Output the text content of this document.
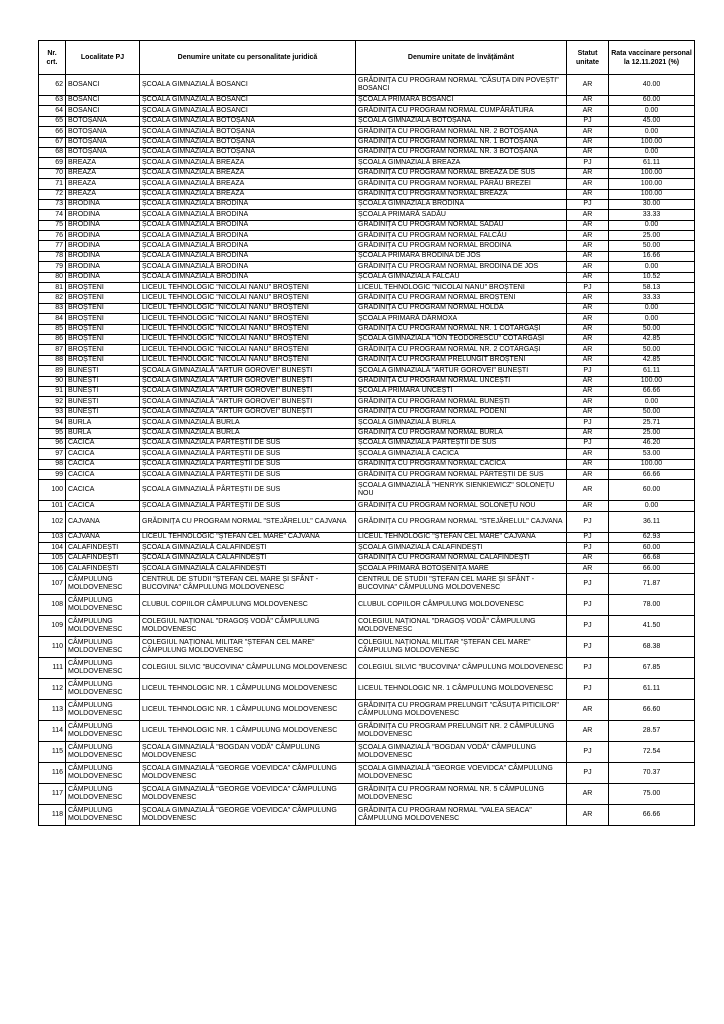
Nr. crt.	Localitate PJ	Denumire unitate cu personalitate juridică	Denumire unitate de învățământ	Statut unitate	Rata vaccinare personal la 12.11.2021 (%)
62	BOSANCI	ȘCOALA GIMNAZIALĂ BOSANCI	GRĂDINIȚA CU PROGRAM NORMAL "CĂSUȚA DIN POVEȘTI" BOSANCI	AR	40.00
63	BOSANCI	ȘCOALA GIMNAZIALĂ BOSANCI	ȘCOALA PRIMARĂ BOSANCI	AR	60.00
64	BOSANCI	ȘCOALA GIMNAZIALĂ BOSANCI	GRĂDINIȚA CU PROGRAM NORMAL CUMPĂRĂTURA	AR	0.00
65	BOTOȘANA	ȘCOALA GIMNAZIALĂ BOTOȘANA	ȘCOALA GIMNAZIALĂ BOTOȘANA	PJ	45.00
66	BOTOȘANA	ȘCOALA GIMNAZIALĂ BOTOȘANA	GRĂDINIȚA CU PROGRAM NORMAL NR. 2 BOTOȘANA	AR	0.00
67	BOTOȘANA	ȘCOALA GIMNAZIALĂ BOTOȘANA	GRĂDINIȚA CU PROGRAM NORMAL NR. 1 BOTOȘANA	AR	100.00
68	BOTOȘANA	ȘCOALA GIMNAZIALĂ BOTOȘANA	GRĂDINIȚA CU PROGRAM NORMAL NR. 3 BOTOȘANA	AR	0.00
69	BREAZA	ȘCOALA GIMNAZIALĂ BREAZA	ȘCOALA GIMNAZIALĂ BREAZA	PJ	61.11
70	BREAZA	ȘCOALA GIMNAZIALĂ BREAZA	GRĂDINIȚA CU PROGRAM NORMAL BREAZA DE SUS	AR	100.00
71	BREAZA	ȘCOALA GIMNAZIALĂ BREAZA	GRĂDINIȚA CU PROGRAM NORMAL PÂRÂU BREZEI	AR	100.00
72	BREAZA	ȘCOALA GIMNAZIALĂ BREAZA	GRĂDINIȚA CU PROGRAM NORMAL BREAZA	AR	100.00
73	BRODINA	ȘCOALA GIMNAZIALĂ BRODINA	ȘCOALA GIMNAZIALĂ BRODINA	PJ	30.00
74	BRODINA	ȘCOALA GIMNAZIALĂ BRODINA	ȘCOALA PRIMARĂ SADĂU	AR	33.33
75	BRODINA	ȘCOALA GIMNAZIALĂ BRODINA	GRĂDINIȚA CU PROGRAM NORMAL SADĂU	AR	0.00
76	BRODINA	ȘCOALA GIMNAZIALĂ BRODINA	GRĂDINIȚA CU PROGRAM NORMAL FALCĂU	AR	25.00
77	BRODINA	ȘCOALA GIMNAZIALĂ BRODINA	GRĂDINIȚA CU PROGRAM NORMAL BRODINA	AR	50.00
78	BRODINA	ȘCOALA GIMNAZIALĂ BRODINA	ȘCOALA PRIMARĂ BRODINA DE JOS	AR	16.66
79	BRODINA	ȘCOALA GIMNAZIALĂ BRODINA	GRĂDINIȚA CU PROGRAM NORMAL BRODINA DE JOS	AR	0.00
80	BRODINA	ȘCOALA GIMNAZIALĂ BRODINA	ȘCOALA GIMNAZIALĂ FALCĂU	AR	10.52
81	BROȘTENI	LICEUL TEHNOLOGIC "NICOLAI NANU" BROȘTENI	LICEUL TEHNOLOGIC "NICOLAI NANU" BROȘTENI	PJ	58.13
82	BROȘTENI	LICEUL TEHNOLOGIC "NICOLAI NANU" BROȘTENI	GRĂDINIȚA CU PROGRAM NORMAL BROȘTENI	AR	33.33
83	BROȘTENI	LICEUL TEHNOLOGIC "NICOLAI NANU" BROȘTENI	GRĂDINIȚA CU PROGRAM NORMAL HOLDA	AR	0.00
84	BROȘTENI	LICEUL TEHNOLOGIC "NICOLAI NANU" BROȘTENI	ȘCOALA PRIMARĂ DÂRMOXA	AR	0.00
85	BROȘTENI	LICEUL TEHNOLOGIC "NICOLAI NANU" BROȘTENI	GRĂDINIȚA CU PROGRAM NORMAL NR. 1 COTÂRGAȘI	AR	50.00
86	BROȘTENI	LICEUL TEHNOLOGIC "NICOLAI NANU" BROȘTENI	ȘCOALA GIMNAZIALĂ "ION TEODORESCU" COTÂRGAȘI	AR	42.85
87	BROȘTENI	LICEUL TEHNOLOGIC "NICOLAI NANU" BROȘTENI	GRĂDINIȚA CU PROGRAM NORMAL NR. 2 COTÂRGAȘI	AR	50.00
88	BROȘTENI	LICEUL TEHNOLOGIC "NICOLAI NANU" BROȘTENI	GRĂDINIȚA CU PROGRAM PRELUNGIT BROȘTENI	AR	42.85
89	BUNEȘTI	ȘCOALA GIMNAZIALĂ "ARTUR GOROVEI" BUNEȘTI	ȘCOALA GIMNAZIALĂ "ARTUR GOROVEI" BUNEȘTI	PJ	61.11
90	BUNEȘTI	ȘCOALA GIMNAZIALĂ "ARTUR GOROVEI" BUNEȘTI	GRĂDINIȚA CU PROGRAM NORMAL UNCEȘTI	AR	100.00
91	BUNEȘTI	ȘCOALA GIMNAZIALĂ "ARTUR GOROVEI" BUNEȘTI	ȘCOALA PRIMARĂ UNCEȘTI	AR	66.66
92	BUNEȘTI	ȘCOALA GIMNAZIALĂ "ARTUR GOROVEI" BUNEȘTI	GRĂDINIȚA CU PROGRAM NORMAL BUNEȘTI	AR	0.00
93	BUNEȘTI	ȘCOALA GIMNAZIALĂ "ARTUR GOROVEI" BUNEȘTI	GRĂDINIȚA CU PROGRAM NORMAL PODENI	AR	50.00
94	BURLA	ȘCOALA GIMNAZIALĂ BURLA	ȘCOALA GIMNAZIALĂ BURLA	PJ	25.71
95	BURLA	ȘCOALA GIMNAZIALĂ BURLA	GRĂDINIȚA CU PROGRAM NORMAL BURLA	AR	25.00
96	CACICA	ȘCOALA GIMNAZIALĂ PÂRTEȘTII DE SUS	ȘCOALA GIMNAZIALĂ PÂRTEȘTII DE SUS	PJ	46.20
97	CACICA	ȘCOALA GIMNAZIALĂ PÂRTEȘTII DE SUS	ȘCOALA GIMNAZIALĂ CACICA	AR	53.00
98	CACICA	ȘCOALA GIMNAZIALĂ PÂRTEȘTII DE SUS	GRĂDINIȚA CU PROGRAM NORMAL CACICA	AR	100.00
99	CACICA	ȘCOALA GIMNAZIALĂ PÂRTEȘTII DE SUS	GRĂDINIȚA CU PROGRAM NORMAL PÂRTEȘTII DE SUS	AR	66.66
100	CACICA	ȘCOALA GIMNAZIALĂ PÂRTEȘTII DE SUS	ȘCOALA GIMNAZIALĂ "HENRYK SIENKIEWICZ" SOLONEȚU NOU	AR	60.00
101	CACICA	ȘCOALA GIMNAZIALĂ PÂRTEȘTII DE SUS	GRĂDINIȚA CU PROGRAM NORMAL SOLONEȚU NOU	AR	0.00
102	CAJVANA	GRĂDINIȚA CU PROGRAM NORMAL "STEJĂRELUL" CAJVANA	GRĂDINIȚA CU PROGRAM NORMAL "STEJĂRELUL" CAJVANA	PJ	36.11
103	CAJVANA	LICEUL TEHNOLOGIC "ȘTEFAN CEL MARE" CAJVANA	LICEUL TEHNOLOGIC "ȘTEFAN CEL MARE" CAJVANA	PJ	62.93
104	CALAFINDEȘTI	ȘCOALA GIMNAZIALĂ CALAFINDEȘTI	ȘCOALA GIMNAZIALĂ CALAFINDEȘTI	PJ	60.00
105	CALAFINDEȘTI	ȘCOALA GIMNAZIALĂ CALAFINDEȘTI	GRĂDINIȚA CU PROGRAM NORMAL CALAFINDEȘTI	AR	66.68
106	CALAFINDEȘTI	ȘCOALA GIMNAZIALĂ CALAFINDEȘTI	ȘCOALA PRIMARĂ BOTOȘENIȚA MARE	AR	66.00
107	CÂMPULUNG MOLDOVENESC	CENTRUL DE STUDII "ȘTEFAN CEL MARE ȘI SFÂNT - BUCOVINA" CÂMPULUNG MOLDOVENESC	CENTRUL DE STUDII "ȘTEFAN CEL MARE ȘI SFÂNT - BUCOVINA" CÂMPULUNG MOLDOVENESC	PJ	71.87
108	CÂMPULUNG MOLDOVENESC	CLUBUL COPIILOR CÂMPULUNG MOLDOVENESC	CLUBUL COPIILOR CÂMPULUNG MOLDOVENESC	PJ	78.00
109	CÂMPULUNG MOLDOVENESC	COLEGIUL NAȚIONAL "DRAGOȘ VODĂ" CÂMPULUNG MOLDOVENESC	COLEGIUL NAȚIONAL "DRAGOȘ VODĂ" CÂMPULUNG MOLDOVENESC	PJ	41.50
110	CÂMPULUNG MOLDOVENESC	COLEGIUL NAȚIONAL MILITAR "ȘTEFAN CEL MARE" CÂMPULUNG MOLDOVENESC	COLEGIUL NAȚIONAL MILITAR "ȘTEFAN CEL MARE" CÂMPULUNG MOLDOVENESC	PJ	68.38
111	CÂMPULUNG MOLDOVENESC	COLEGIUL SILVIC "BUCOVINA" CÂMPULUNG MOLDOVENESC	COLEGIUL SILVIC "BUCOVINA" CÂMPULUNG MOLDOVENESC	PJ	67.85
112	CÂMPULUNG MOLDOVENESC	LICEUL TEHNOLOGIC NR. 1 CÂMPULUNG MOLDOVENESC	LICEUL TEHNOLOGIC NR. 1 CÂMPULUNG MOLDOVENESC	PJ	61.11
113	CÂMPULUNG MOLDOVENESC	LICEUL TEHNOLOGIC NR. 1 CÂMPULUNG MOLDOVENESC	GRĂDINIȚA CU PROGRAM PRELUNGIT "CĂSUȚA PITICILOR" CÂMPULUNG MOLDOVENESC	AR	66.60
114	CÂMPULUNG MOLDOVENESC	LICEUL TEHNOLOGIC NR. 1 CÂMPULUNG MOLDOVENESC	GRĂDINIȚA CU PROGRAM PRELUNGIT NR. 2 CÂMPULUNG MOLDOVENESC	AR	28.57
115	CÂMPULUNG MOLDOVENESC	ȘCOALA GIMNAZIALĂ "BOGDAN VODĂ" CÂMPULUNG MOLDOVENESC	ȘCOALA GIMNAZIALĂ "BOGDAN VODĂ" CÂMPULUNG MOLDOVENESC	PJ	72.54
116	CÂMPULUNG MOLDOVENESC	ȘCOALA GIMNAZIALĂ "GEORGE VOEVIDCA" CÂMPULUNG MOLDOVENESC	ȘCOALA GIMNAZIALĂ "GEORGE VOEVIDCA" CÂMPULUNG MOLDOVENESC	PJ	70.37
117	CÂMPULUNG MOLDOVENESC	ȘCOALA GIMNAZIALĂ "GEORGE VOEVIDCA" CÂMPULUNG MOLDOVENESC	GRĂDINIȚA CU PROGRAM NORMAL NR. 5 CÂMPULUNG MOLDOVENESC	AR	75.00
118	CÂMPULUNG MOLDOVENESC	ȘCOALA GIMNAZIALĂ "GEORGE VOEVIDCA" CÂMPULUNG MOLDOVENESC	GRĂDINIȚA CU PROGRAM NORMAL "VALEA SEACA" CÂMPULUNG MOLDOVENESC	AR	66.66
